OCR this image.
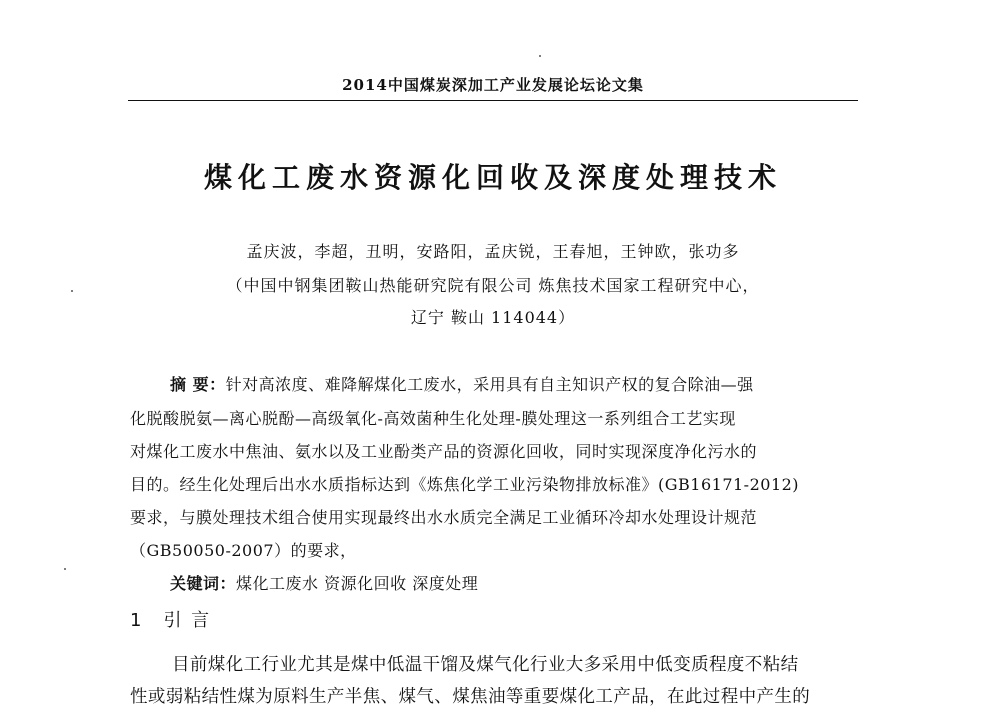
2014中国煤炭深加工产业发展论坛论文集
煤化工废水资源化回收及深度处理技术
孟庆波，李超，丑明，安路阳，孟庆锐，王春旭，王钟欧，张功多
（中国中钢集团鞍山热能研究院有限公司 炼焦技术国家工程研究中心，
辽宁 鞍山 114044）
摘 要：针对高浓度、难降解煤化工废水，采用具有自主知识产权的复合除油—强
化脱酸脱氨—离心脱酚—高级氧化-高效菌种生化处理-膜处理这一系列组合工艺实现
对煤化工废水中焦油、氨水以及工业酚类产品的资源化回收，同时实现深度净化污水的
目的。经生化处理后出水水质指标达到《炼焦化学工业污染物排放标准》(GB16171-2012)
要求，与膜处理技术组合使用实现最终出水水质完全满足工业循环冷却水处理设计规范
（GB50050-2007）的要求，
关键词：煤化工废水 资源化回收 深度处理
1 引 言
目前煤化工行业尤其是煤中低温干馏及煤气化行业大多采用中低变质程度不粘结
性或弱粘结性煤为原料生产半焦、煤气、煤焦油等重要煤化工产品，在此过程中产生的
